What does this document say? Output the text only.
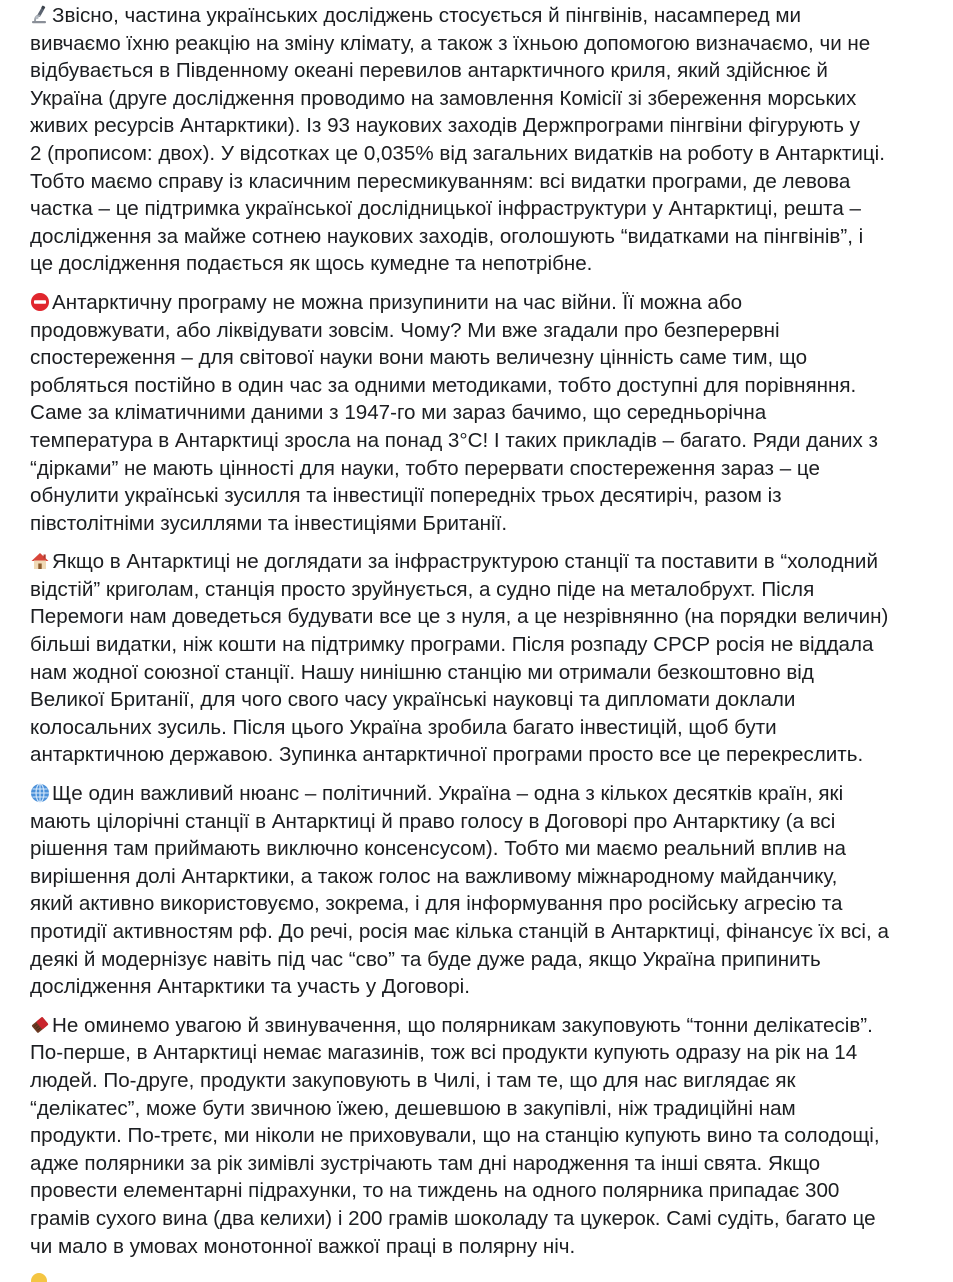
Звісно, частина українських досліджень стосується й пінгвінів, насамперед ми
вивчаємо їхню реакцію на зміну клімату, а також з їхньою допомогою визначаємо, чи не
відбувається в Південному океані перевилов антарктичного криля, який здійснює й
Україна (друге дослідження проводимо на замовлення Комісії зі збереження морських
живих ресурсів Антарктики). Із 93 наукових заходів Держпрограми пінгвіни фігурують у
2 (прописом: двох). У відсотках це 0,035% від загальних видатків на роботу в Антарктиці.
Тобто маємо справу із класичним пересмикуванням: всі видатки програми, де левова
частка – це підтримка української дослідницької інфраструктури у Антарктиці, решта –
дослідження за майже сотнею наукових заходів, оголошують “видатками на пінгвінів”, і
це дослідження подається як щось кумедне та непотрібне.
Антарктичну програму не можна призупинити на час війни. Її можна або
продовжувати, або ліквідувати зовсім. Чому? Ми вже згадали про безперервні
спостереження – для світової науки вони мають величезну цінність саме тим, що
робляться постійно в один час за одними методиками, тобто доступні для порівняння.
Саме за кліматичними даними з 1947-го ми зараз бачимо, що середньорічна
температура в Антарктиці зросла на понад 3°С! І таких прикладів – багато. Ряди даних з
“дірками” не мають цінності для науки, тобто перервати спостереження зараз – це
обнулити українські зусилля та інвестиції попередніх трьох десятиріч, разом із
півстолітніми зусиллями та інвестиціями Британії.
Якщо в Антарктиці не доглядати за інфраструктурою станції та поставити в “холодний
відстій” криголам, станція просто зруйнується, а судно піде на металобрухт. Після
Перемоги нам доведеться будувати все це з нуля, а це незрівнянно (на порядки величин)
більші видатки, ніж кошти на підтримку програми. Після розпаду СРСР росія не віддала
нам жодної союзної станції. Нашу нинішню станцію ми отримали безкоштовно від
Великої Британії, для чого свого часу українські науковці та дипломати доклали
колосальних зусиль. Після цього Україна зробила багато інвестицій, щоб бути
антарктичною державою. Зупинка антарктичної програми просто все це перекреслить.
Ще один важливий нюанс – політичний. Україна – одна з кількох десятків країн, які
мають цілорічні станції в Антарктиці й право голосу в Договорі про Антарктику (а всі
рішення там приймають виключно консенсусом). Тобто ми маємо реальний вплив на
вирішення долі Антарктики, а також голос на важливому міжнародному майданчику,
який активно використовуємо, зокрема, і для інформування про російську агресію та
протидії активностям рф. До речі, росія має кілька станцій в Антарктиці, фінансує їх всі, а
деякі й модернізує навіть під час “сво” та буде дуже рада, якщо Україна припинить
дослідження Антарктики та участь у Договорі.
Не оминемо увагою й звинувачення, що полярникам закуповують “тонни делікатесів”.
По-перше, в Антарктиці немає магазинів, тож всі продукти купують одразу на рік на 14
людей. По-друге, продукти закуповують в Чилі, і там те, що для нас виглядає як
“делікатес”, може бути звичною їжею, дешевшою в закупівлі, ніж традиційні нам
продукти. По-третє, ми ніколи не приховували, що на станцію купують вино та солодощі,
адже полярники за рік зимівлі зустрічають там дні народження та інші свята. Якщо
провести елементарні підрахунки, то на тиждень на одного полярника припадає 300
грамів сухого вина (два келихи) і 200 грамів шоколаду та цукерок. Самі судіть, багато це
чи мало в умовах монотонної важкої праці в полярну ніч.
